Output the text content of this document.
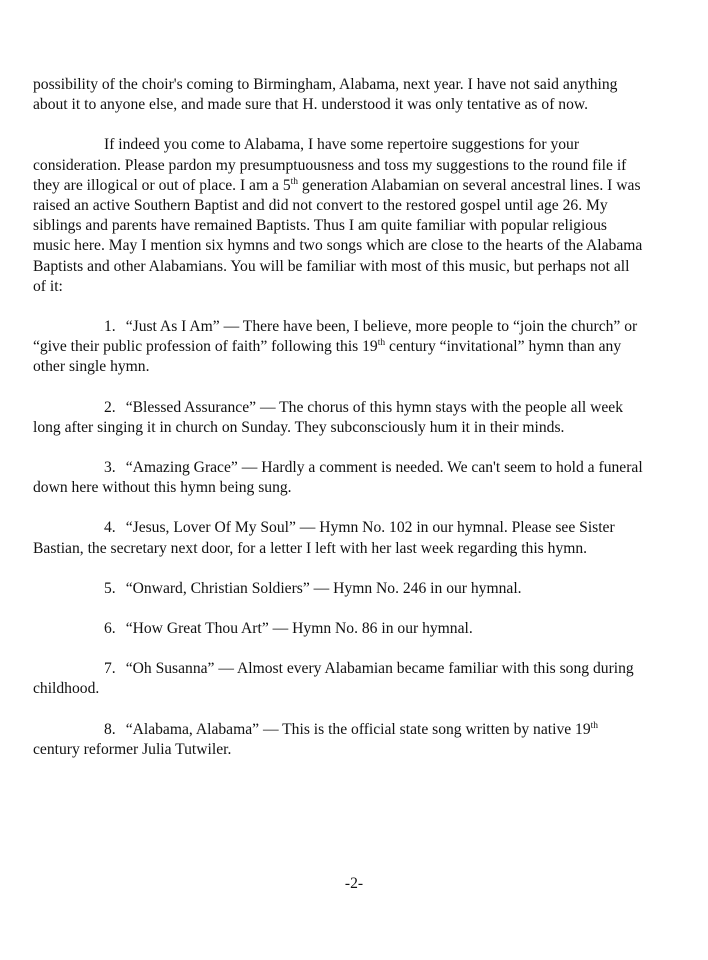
possibility of the choir's coming to Birmingham, Alabama, next year. I have not said anything about it to anyone else, and made sure that H. understood it was only tentative as of now.

If indeed you come to Alabama, I have some repertoire suggestions for your consideration. Please pardon my presumptuousness and toss my suggestions to the round file if they are illogical or out of place. I am a 5th generation Alabamian on several ancestral lines. I was raised an active Southern Baptist and did not convert to the restored gospel until age 26. My siblings and parents have remained Baptists. Thus I am quite familiar with popular religious music here. May I mention six hymns and two songs which are close to the hearts of the Alabama Baptists and other Alabamians. You will be familiar with most of this music, but perhaps not all of it:

1. “Just As I Am” — There have been, I believe, more people to “join the church” or “give their public profession of faith” following this 19th century “invitational” hymn than any other single hymn.

2. “Blessed Assurance” — The chorus of this hymn stays with the people all week long after singing it in church on Sunday. They subconsciously hum it in their minds.

3. “Amazing Grace” — Hardly a comment is needed. We can't seem to hold a funeral down here without this hymn being sung.

4. “Jesus, Lover Of My Soul” — Hymn No. 102 in our hymnal. Please see Sister Bastian, the secretary next door, for a letter I left with her last week regarding this hymn.

5. “Onward, Christian Soldiers” — Hymn No. 246 in our hymnal.

6. “How Great Thou Art” — Hymn No. 86 in our hymnal.

7. “Oh Susanna” — Almost every Alabamian became familiar with this song during childhood.

8. “Alabama, Alabama” — This is the official state song written by native 19th century reformer Julia Tutwiler.

-2-
